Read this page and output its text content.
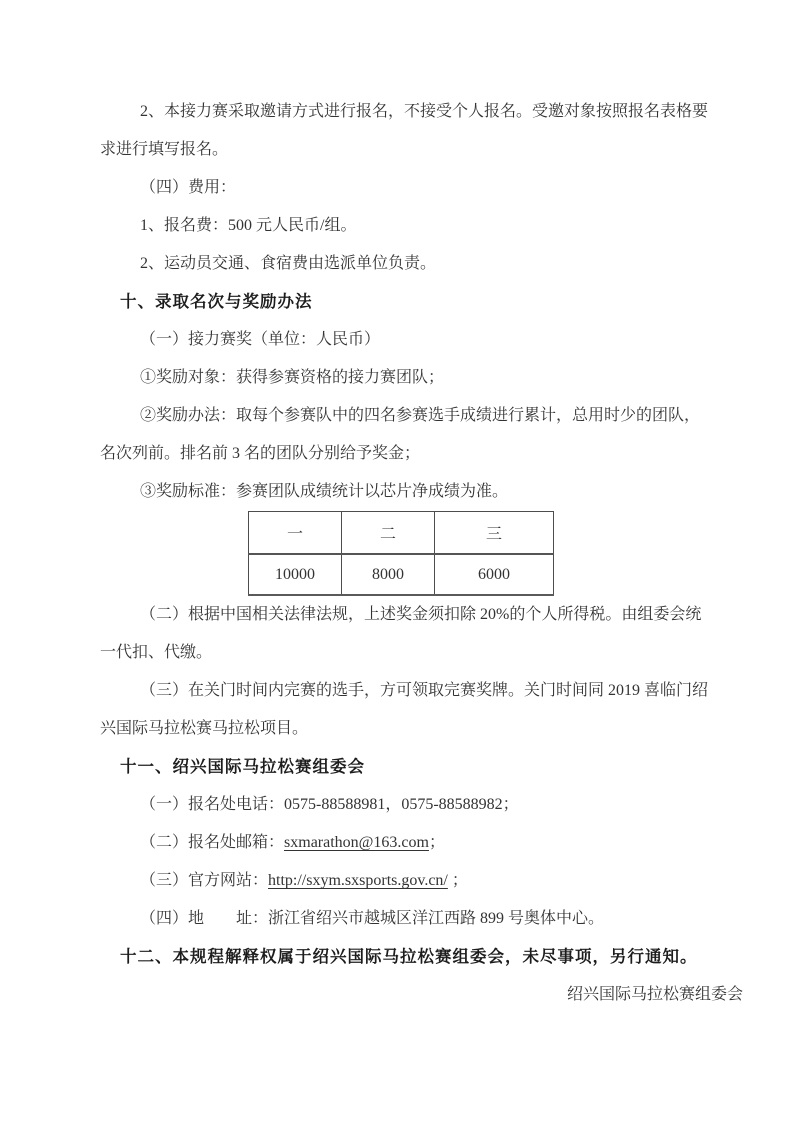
2、本接力赛采取邀请方式进行报名，不接受个人报名。受邀对象按照报名表格要求进行填写报名。

（四）费用：

1、报名费：500 元人民币/组。

2、运动员交通、食宿费由选派单位负责。

十、录取名次与奖励办法

（一）接力赛奖（单位：人民币）

①奖励对象：获得参赛资格的接力赛团队；

②奖励办法：取每个参赛队中的四名参赛选手成绩进行累计，总用时少的团队，名次列前。排名前 3 名的团队分别给予奖金；

③奖励标准：参赛团队成绩统计以芯片净成绩为准。

一	二	三
10000	8000	6000

（二）根据中国相关法律法规，上述奖金须扣除 20%的个人所得税。由组委会统一代扣、代缴。

（三）在关门时间内完赛的选手，方可领取完赛奖牌。关门时间同 2019 喜临门绍兴国际马拉松赛马拉松项目。

十一、绍兴国际马拉松赛组委会

（一）报名处电话：0575-88588981，0575-88588982；

（二）报名处邮箱：sxmarathon@163.com；

（三）官方网站：http://sxym.sxsports.gov.cn/ ；

（四）地　　址：浙江省绍兴市越城区洋江西路 899 号奥体中心。

十二、本规程解释权属于绍兴国际马拉松赛组委会，未尽事项，另行通知。

绍兴国际马拉松赛组委会
